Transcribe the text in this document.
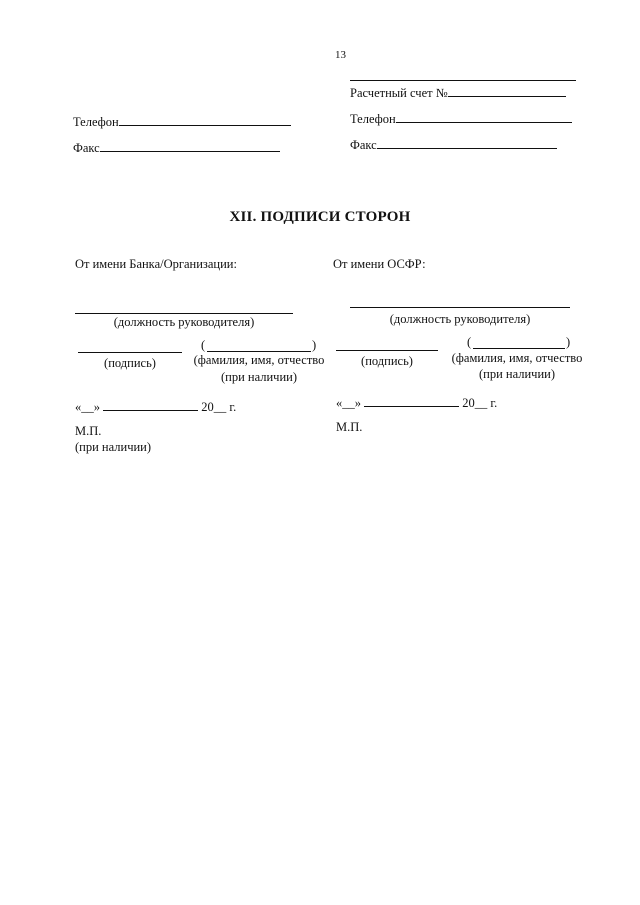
13
Расчетный счет №
Телефон
Факс
Телефон
Факс
XII. ПОДПИСИ СТОРОН
От имени Банка/Организации:
(должность руководителя)
(подпись)
(	)
(фамилия, имя, отчество
(при наличии)
«__»	20__ г.
М.П.
(при наличии)
От имени ОСФР:
(должность руководителя)
(подпись)
(	)
(фамилия, имя, отчество
(при наличии)
«__»	20__ г.
М.П.
